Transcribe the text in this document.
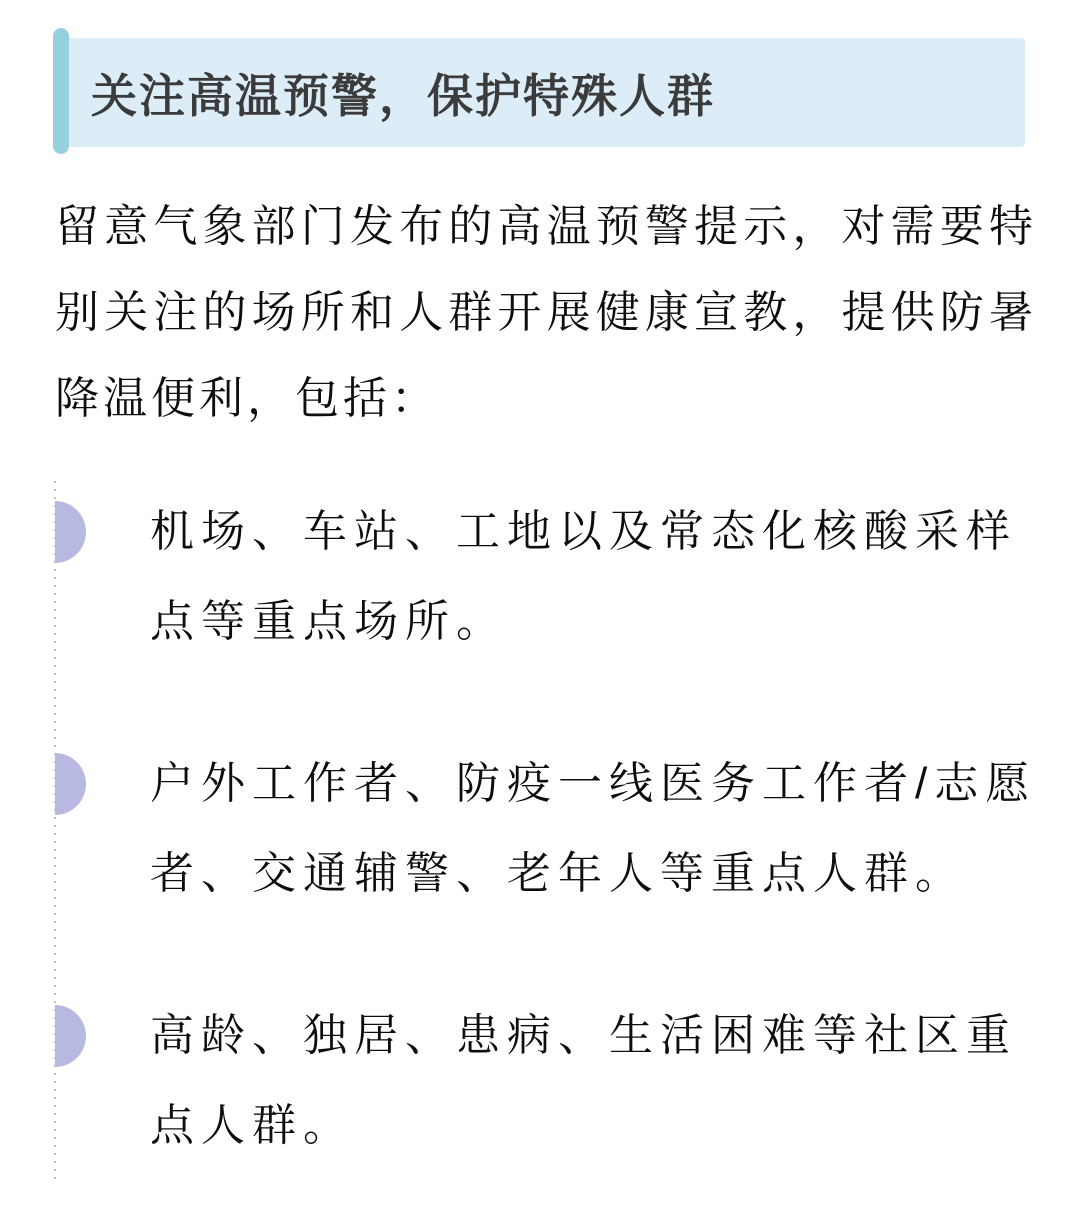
关注高温预警，保护特殊人群

留意气象部门发布的高温预警提示，对需要特别关注的场所和人群开展健康宣教，提供防暑降温便利，包括：

机场、车站、工地以及常态化核酸采样点等重点场所。
户外工作者、防疫一线医务工作者/志愿者、交通辅警、老年人等重点人群。
高龄、独居、患病、生活困难等社区重点人群。
